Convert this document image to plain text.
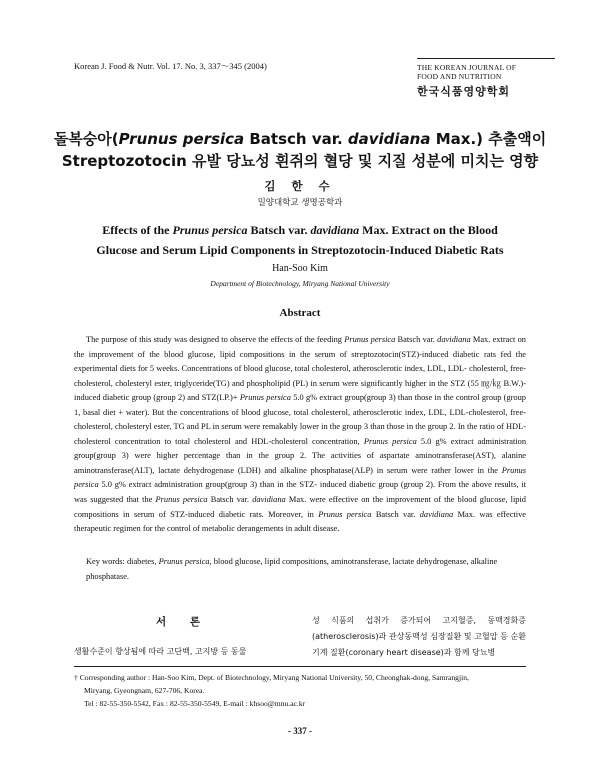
Korean J. Food & Nutr. Vol. 17. No. 3, 337～345 (2004)	THE KOREAN JOURNAL OF
FOOD AND NUTRITION
한국식품영양학회
돌복숭아(Prunus persica Batsch var. davidiana Max.) 추출액이
Streptozotocin 유발 당뇨성 흰쥐의 혈당 및 지질 성분에 미치는 영향
김 한 수
밀양대학교 생명공학과
Effects of the Prunus persica Batsch var. davidiana Max. Extract on the Blood
Glucose and Serum Lipid Components in Streptozotocin-Induced Diabetic Rats
Han-Soo Kim
Department of Biotechnology, Miryang National University
Abstract

The purpose of this study was designed to observe the effects of the feeding Prunus persica Batsch var. davidiana Max. extract on the improvement of the blood glucose, lipid compositions in the serum of streptozotocin(STZ)-induced diabetic rats fed the experimental diets for 5 weeks. Concentrations of blood glucose, total cholesterol, atherosclerotic index, LDL, LDL- cholesterol, free-cholesterol, cholesteryl ester, triglyceride(TG) and phospholipid (PL) in serum were significantly higher in the STZ (55 ㎎/㎏ B.W.)-induced diabetic group (group 2) and STZ(I.P.)+ Prunus persica 5.0 g% extract group(group 3) than those in the control group (group 1, basal diet + water). But the concentrations of blood glucose, total cholesterol, atherosclerotic index, LDL, LDL-cholesterol, free-cholesterol, cholesteryl ester, TG and PL in serum were remakably lower in the group 3 than those in the group 2. In the ratio of HDL-cholesterol concentration to total cholesterol and HDL-cholesterol concentration, Prunus persica 5.0 g% extract administration group(group 3) were higher percentage than in the group 2. The activities of aspartate aminotransferase(AST), alanine aminotransferase(ALT), lactate dehydrogenase (LDH) and alkaline phosphatase(ALP) in serum were rather lower in the Prunus persica 5.0 g% extract administration group(group 3) than in the STZ- induced diabetic group (group 2). From the above results, it was suggested that the Prunus persica Batsch var. davidiana Max. were effective on the improvement of the blood glucose, lipid compositions in serum of STZ-induced diabetic rats. Moreover, in Prunus persica Batsch var. davidiana Max. was effective therapeutic regimen for the control of metabolic derangements in adult disease.

Key words: diabetes, Prunus persica, blood glucose, lipid compositions, aminotransferase, lactate dehydrogenase, alkaline phosphatase.

서 론
생활수준이 향상됨에 따라 고단백, 고지방 등 동물
성 식품의 섭취가 증가되어 고지혈증, 동맥경화증(atherosclerosis)과 관상동맥성 심장질환 및 고혈압 등 순환기계 질환(coronary heart disease)과 함께 당뇨병
† Corresponding author : Han-Soo Kim, Dept. of Biotechnology, Miryang National University, 50, Cheonghak-dong, Samrangjin,
Miryang, Gyeongnam, 627-706, Korea.
Tel : 82-55-350-5542, Fax : 82-55-350-5549, E-mail : khsoo@mnu.ac.kr
- 337 -
